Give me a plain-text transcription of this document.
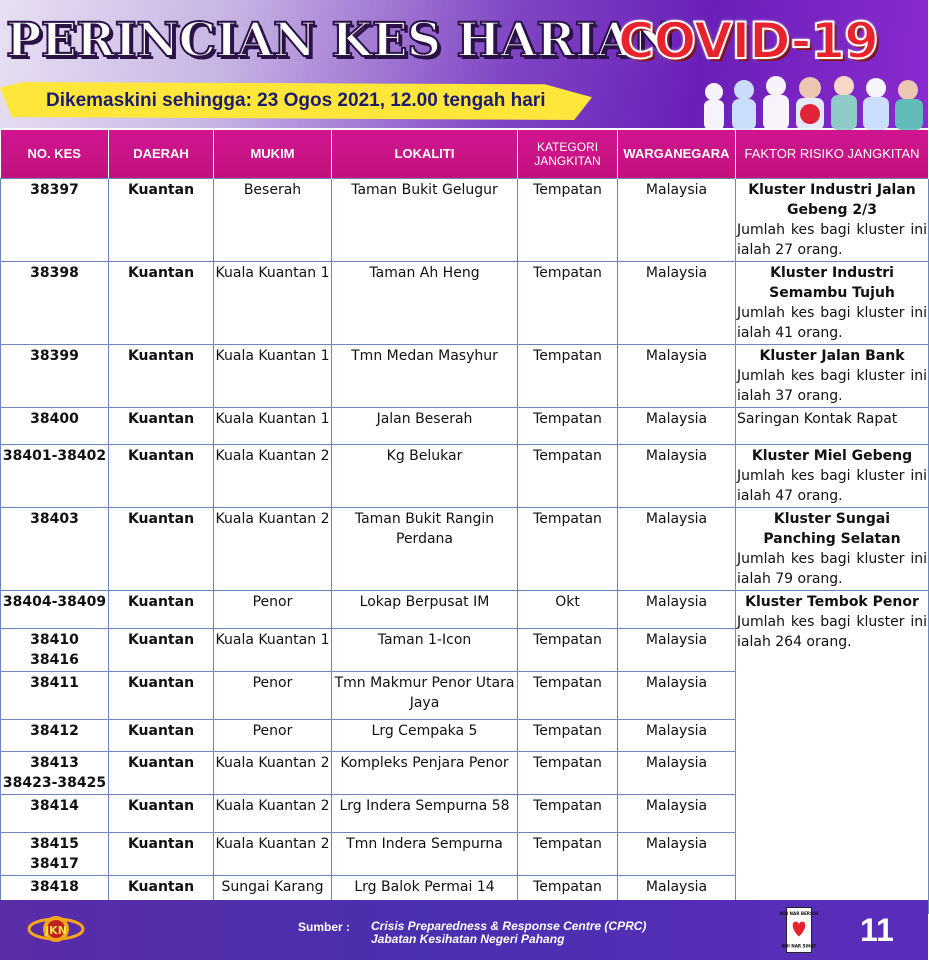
PERINCIAN KES HARIAN
COVID-19
Dikemaskini sehingga: 23 Ogos 2021, 12.00 tengah hari
NO. KES	DAERAH	MUKIM	LOKALITI	KATEGORI JANGKITAN	WARGANEGARA	FAKTOR RISIKO JANGKITAN
38397	Kuantan	Beserah	Taman Bukit Gelugur	Tempatan	Malaysia	Kluster Industri Jalan Gebeng 2/3
Jumlah kes bagi kluster ini ialah 27 orang.

38398	Kuantan	Kuala Kuantan 1	Taman Ah Heng	Tempatan	Malaysia	Kluster Industri Semambu Tujuh
Jumlah kes bagi kluster ini ialah 41 orang.

38399	Kuantan	Kuala Kuantan 1	Tmn Medan Masyhur	Tempatan	Malaysia	Kluster Jalan Bank
Jumlah kes bagi kluster ini ialah 37 orang.

38400	Kuantan	Kuala Kuantan 1	Jalan Beserah	Tempatan	Malaysia	Saringan Kontak Rapat

38401-38402	Kuantan	Kuala Kuantan 2	Kg Belukar	Tempatan	Malaysia	Kluster Miel Gebeng
Jumlah kes bagi kluster ini ialah 47 orang.

38403	Kuantan	Kuala Kuantan 2	Taman Bukit Rangin Perdana	Tempatan	Malaysia	Kluster Sungai Panching Selatan
Jumlah kes bagi kluster ini ialah 79 orang.

38404-38409	Kuantan	Penor	Lokap Berpusat IM	Okt	Malaysia	Kluster Tembok Penor
Jumlah kes bagi kluster ini ialah 264 orang.

38410
38416	Kuantan	Kuala Kuantan 1	Taman 1-Icon	Tempatan	Malaysia	
38411	Kuantan	Penor	Tmn Makmur Penor Utara Jaya	Tempatan	Malaysia	
38412	Kuantan	Penor	Lrg Cempaka 5	Tempatan	Malaysia	
38413
38423-38425	Kuantan	Kuala Kuantan 2	Kompleks Penjara Penor	Tempatan	Malaysia	
38414	Kuantan	Kuala Kuantan 2	Lrg Indera Sempurna 58	Tempatan	Malaysia	
38415
38417	Kuantan	Kuala Kuantan 2	Tmn Indera Sempurna	Tempatan	Malaysia	
38418	Kuantan	Sungai Karang	Lrg Balok Permai 14	Tempatan	Malaysia	
JKN	Sumber : Crisis Preparedness & Response Centre (CPRC)
Jabatan Kesihatan Negeri Pahang
KOI NAR BERSIH
KOI NAR SIHAT 11
